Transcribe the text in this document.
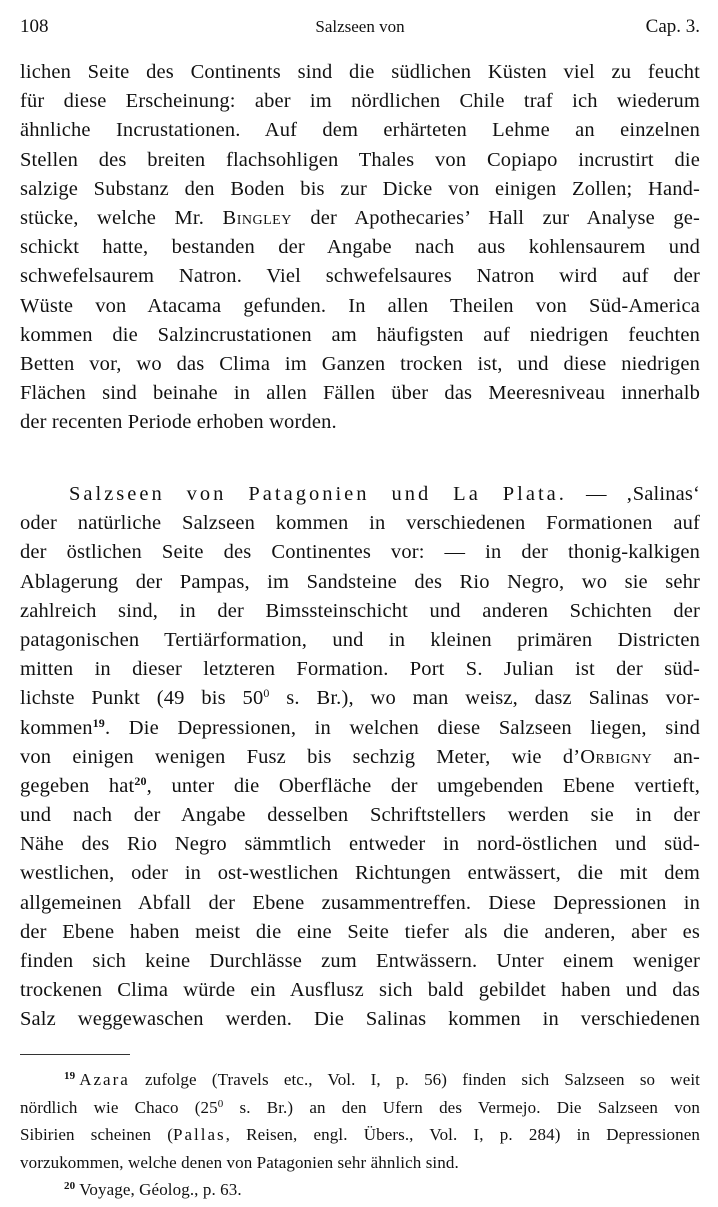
108	Salzseen von	Cap. 3.
lichen Seite des Continents sind die südlichen Küsten viel zu feucht
für diese Erscheinung: aber im nördlichen Chile traf ich wiederum
ähnliche Incrustationen. Auf dem erhärteten Lehme an einzelnen
Stellen des breiten flachsohligen Thales von Copiapo incrustirt die
salzige Substanz den Boden bis zur Dicke von einigen Zollen; Hand-
stücke, welche Mr. Bingley der Apothecaries’ Hall zur Analyse ge-
schickt hatte, bestanden der Angabe nach aus kohlensaurem und
schwefelsaurem Natron. Viel schwefelsaures Natron wird auf der
Wüste von Atacama gefunden. In allen Theilen von Süd-America
kommen die Salzincrustationen am häufigsten auf niedrigen feuchten
Betten vor, wo das Clima im Ganzen trocken ist, und diese niedrigen
Flächen sind beinahe in allen Fällen über das Meeresniveau innerhalb
der recenten Periode erhoben worden.
Salzseen von Patagonien und La Plata. — ‚Salinas‘
oder natürliche Salzseen kommen in verschiedenen Formationen auf
der östlichen Seite des Continentes vor: — in der thonig-kalkigen
Ablagerung der Pampas, im Sandsteine des Rio Negro, wo sie sehr
zahlreich sind, in der Bimssteinschicht und anderen Schichten der
patagonischen Tertiärformation, und in kleinen primären Districten
mitten in dieser letzteren Formation. Port S. Julian ist der süd-
lichste Punkt (49 bis $50^0$ s. Br.), wo man weisz, dasz Salinas vor-
kommen$^{19}$. Die Depressionen, in welchen diese Salzseen liegen, sind
von einigen wenigen Fusz bis sechzig Meter, wie d’Orbigny an-
gegeben hat$^{20}$, unter die Oberfläche der umgebenden Ebene vertieft,
und nach der Angabe desselben Schriftstellers werden sie in der
Nähe des Rio Negro sämmtlich entweder in nord-östlichen und süd-
westlichen, oder in ost-westlichen Richtungen entwässert, die mit dem
allgemeinen Abfall der Ebene zusammentreffen. Diese Depressionen in
der Ebene haben meist die eine Seite tiefer als die anderen, aber es
finden sich keine Durchlässe zum Entwässern. Unter einem weniger
trockenen Clima würde ein Ausflusz sich bald gebildet haben und das
Salz weggewaschen werden. Die Salinas kommen in verschiedenen
$^{19}$ Azara zufolge (Travels etc., Vol. I, p. 56) finden sich Salzseen so weit
nördlich wie Chaco ($25^0$ s. Br.) an den Ufern des Vermejo. Die Salzseen von
Sibirien scheinen (Pallas, Reisen, engl. Übers., Vol. I, p. 284) in Depressionen
vorzukommen, welche denen von Patagonien sehr ähnlich sind.
$^{20}$ Voyage, Géolog., p. 63.
